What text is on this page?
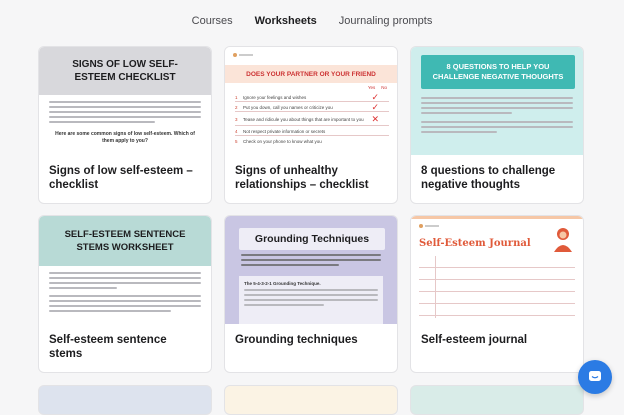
Courses Worksheets Journaling prompts
SIGNS OF LOW SELF-ESTEEM CHECKLIST
Here are some common signs of low self-esteem. Which of them apply to you?
Signs of low self-esteem – checklist
DOES YOUR PARTNER OR YOUR FRIEND
Yes No
1	Ignore your feelings and wishes	✓
2	Put you down, call you names or criticize you	✓
3	Tease and ridicule you about things that are important to you ✕
4	Not respect private information or secrets
5	Check on your phone to know what you
Signs of unhealthy relationships – checklist
8 QUESTIONS TO HELP YOU CHALLENGE NEGATIVE THOUGHTS
8 questions to challenge negative thoughts
SELF-ESTEEM SENTENCE STEMS WORKSHEET
Self-esteem sentence stems
Grounding Techniques
The 5-4-3-2-1 Grounding Technique.
Grounding techniques
Self-Esteem Journal
Self-esteem journal
